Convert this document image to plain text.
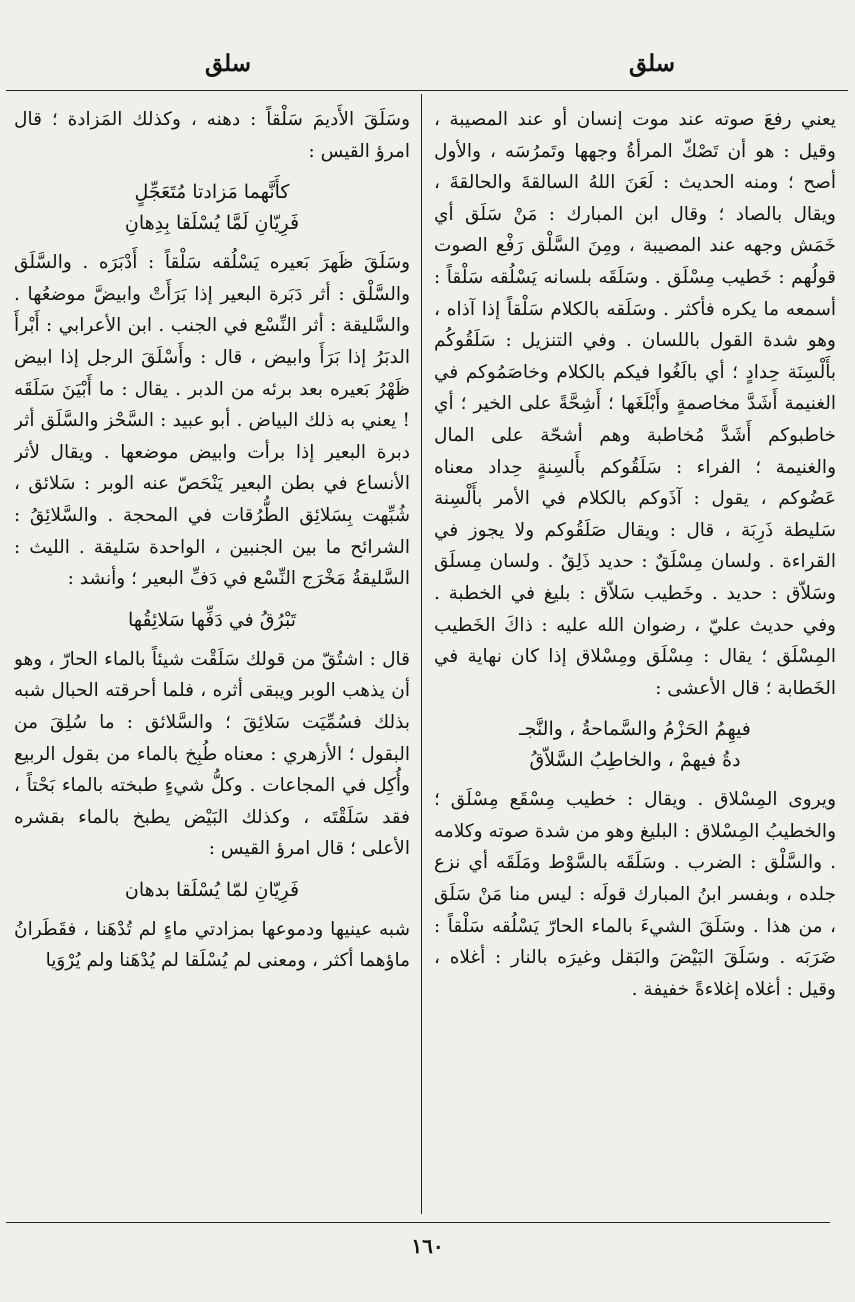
سلق
سلق

يعني رفعَ صوته عند موت إنسان أو عند المصيبة ، وقيل : هو أن تَصْكّ المرأةُ وجهها وتَمرُسَه ، والأول أصح ؛ ومنه الحديث : لَعَنَ اللهُ السالقةَ والحالقةَ ، ويقال بالصاد ؛ وقال ابن المبارك : مَنْ سَلَق أي خَمَش وجهه عند المصيبة ، ومِنَ السَّلْق رَفْع الصوت قولُهم : خَطيب مِسْلَق . وسَلَقَه بلسانه يَسْلُقه سَلْقاً : أسمعه ما يكره فأكثر . وسَلَقه بالكلام سَلْقاً إذا آذاه ، وهو شدة القول باللسان . وفي التنزيل : سَلَقُوكُم بأَلْسِنَة حِدادٍ ؛ أي بالَغُوا فيكم بالكلام وخاصَمُوكم في الغنيمة أَشَدَّ مخاصمةٍ وأَبْلَغَها ؛ أَشِحَّةً على الخير ؛ أي خاطبوكم أَشَدَّ مُخاطبة وهم أشحّة على المال والغنيمة ؛ الفراء : سَلَقُوكم بأَلسِنةٍ حِداد معناه عَضُوكم ، يقول : آذَوكم بالكلام في الأمر بأَلْسِنة سَليطة ذَرِبَة ، قال : ويقال صَلَقُوكم ولا يجوز في القراءة . ولسان مِسْلَقٌ : حديد ذَلِقٌ . ولسان مِسلَق وسَلاّق : حديد . وخَطيب سَلاّق : بليغ في الخطبة . وفي حديث عليّ ، رضوان الله عليه : ذاكَ الخَطيب المِسْلَق ؛ يقال : مِسْلَق ومِسْلاق إذا كان نهاية في الخَطابة ؛ قال الأعشى :

فيهِمُ الحَزْمُ والسَّماحةُ ، والنَّجـ
دةُ فيهمْ ، والخاطِبُ السَّلاّقُ

ويروى المِسْلاق . ويقال : خطيب مِسْقَع مِسْلَق ؛ والخطيبُ المِسْلاق : البليغ وهو من شدة صوته وكلامه . والسَّلْق : الضرب . وسَلَقَه بالسَّوْط ومَلَقَه أي نزع جلده ، وبفسر ابنُ المبارك قولَه : ليس منا مَنْ سَلَق ، من هذا . وسَلَقَ الشيءَ بالماء الحارّ يَسْلُقه سَلْقاً : ضَرَبَه . وسَلَقَ البَيْضَ والبَقل وغيرَه بالنار : أغلاه ، وقيل : أغلاه إغلاءةً خفيفة .

وسَلَقَ الأَديمَ سَلْقاً : دهنه ، وكذلك المَزادة ؛ قال امرؤ القيس :

كأَنَّهما مَزادتا مُتَعَجِّلٍ
فَرِيّانِ لَمَّا يُسْلَقا بِدِهانِ

وسَلَقَ ظَهرَ بَعيره يَسْلُقه سَلْقاً : أَدْبَرَه . والسَّلَق والسَّلْق : أثر دَبَرة البعير إذا بَرَأَتْ وابيضَّ موضعُها . والسَّليقة : أثر النِّسْع في الجنب . ابن الأعرابي : أَبْرأَ الدبَرُ إذا بَرَأَ وابيض ، قال : وأَسْلَقَ الرجل إذا ابيض ظَهْرُ بَعيره بعد برئه من الدبر . يقال : ما أَبْيَنَ سَلَقَه ! يعني به ذلك البياض . أبو عبيد : السَّحْز والسَّلَق أثر دبرة البعير إذا برأت وابيض موضعها . ويقال لأثر الأنساع في بطن البعير يَنْحَصّ عنه الوبر : سَلائق ، شُبِّهت بِسَلائِق الطُّرُقات في المحجة . والسَّلائِقُ : الشرائح ما بين الجنبين ، الواحدة سَليقة . الليث : السَّليقةُ مَخْرَج النِّسْع في دَفِّ البعير ؛ وأنشد :

تَبْرُقُ في دَفِّها سَلائِقُها

قال : اشتُقّ من قولك سَلَقْت شيئاً بالماء الحارّ ، وهو أن يذهب الوبر ويبقى أثره ، فلما أحرقته الحبال شبه بذلك فسُمِّيَت سَلائِقَ ؛ والسَّلائق : ما سُلِقَ من البقول ؛ الأزهري : معناه طُبِخ بالماء من بقول الربيع وأُكِل في المجاعات . وكلُّ شيءٍ طبخته بالماء بَحْتاً ، فقد سَلَقْتَه ، وكذلك البَيْض يطبخ بالماء بقشره الأعلى ؛ قال امرؤ القيس :

فَرِيّانِ لمّا يُسْلَقا بدهان

شبه عينيها ودموعها بمزادتي ماءٍ لم تُدْهَنا ، فقَطَرانُ ماؤهما أكثر ، ومعنى لم يُسْلَقا لم يُدْهَنا ولم يُرْوَيا

١٦٠
